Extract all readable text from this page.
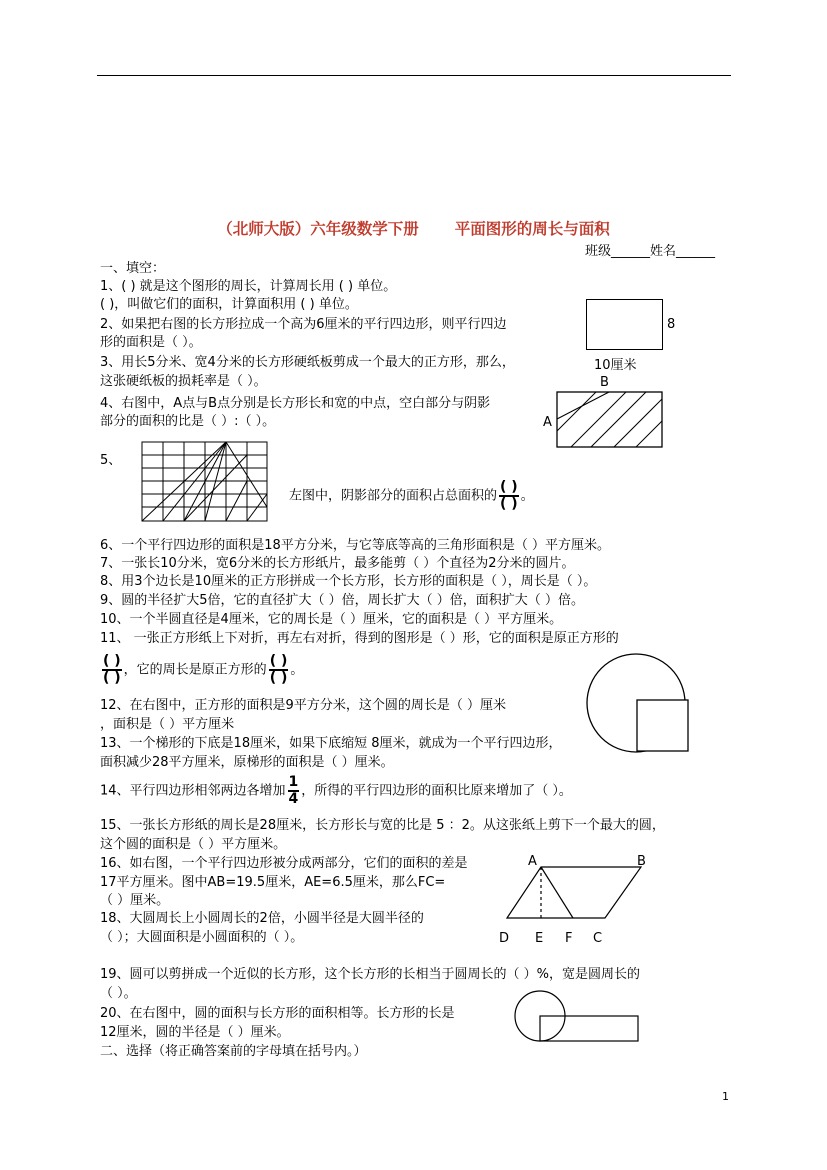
（北师大版）六年级数学下册 平面图形的周长与面积
班级______姓名______
一、填空：
1、( ) 就是这个图形的周长，计算周长用 ( ) 单位。
( )，叫做它们的面积，计算面积用 ( ) 单位。
2、如果把右图的长方形拉成一个高为6厘米的平行四边形，则平行四边
形的面积是（ ）。
3、用长5分米、宽4分米的长方形硬纸板剪成一个最大的正方形，那么，
这张硬纸板的损耗率是（ ）。
4、右图中，A点与B点分别是长方形长和宽的中点，空白部分与阴影
部分的面积的比是（ ）:（ ）。
8
10厘米
B
A
5、
左图中，阴影部分的面积占总面积的 $\frac{( )}{( )}$ 。
6、一个平行四边形的面积是18平方分米，与它等底等高的三角形面积是（ ）平方厘米。
7、一张长10分米，宽6分米的长方形纸片，最多能剪（ ）个直径为2分米的圆片。
8、用3个边长是10厘米的正方形拼成一个长方形，长方形的面积是（ ），周长是（ ）。
9、圆的半径扩大5倍，它的直径扩大（ ）倍，周长扩大（ ）倍，面积扩大（ ）倍。
10、一个半圆直径是4厘米，它的周长是（ ）厘米，它的面积是（ ）平方厘米。
11、 一张正方形纸上下对折，再左右对折，得到的图形是（ ）形，它的面积是原正方形的
$\frac{( )}{( )}$ ，它的周长是原正方形的 $\frac{( )}{( )}$ 。
12、在右图中，正方形的面积是9平方分米，这个圆的周长是（ ）厘米
，面积是（ ）平方厘米
13、一个梯形的下底是18厘米，如果下底缩短 8厘米，就成为一个平行四边形，
面积减少28平方厘米，原梯形的面积是（ ）厘米。
14、平行四边形相邻两边各增加 $\frac{1}{4}$ ，所得的平行四边形的面积比原来增加了（ ）。
15、一张长方形纸的周长是28厘米，长方形长与宽的比是 5 ：2。从这张纸上剪下一个最大的圆，
这个圆的面积是（ ）平方厘米。
16、如右图，一个平行四边形被分成两部分，它们的面积的差是
17平方厘米。图中AB=19.5厘米，AE=6.5厘米，那么FC=
（ ）厘米。
18、大圆周长上小圆周长的2倍，小圆半径是大圆半径的
（ ）；大圆面积是小圆面积的（ ）。
A	B
D E F C
19、圆可以剪拼成一个近似的长方形，这个长方形的长相当于圆周长的（ ）%，宽是圆周长的
（ ）。
20、在右图中，圆的面积与长方形的面积相等。长方形的长是
12厘米，圆的半径是（ ）厘米。
二、选择（将正确答案前的字母填在括号内。）
1
